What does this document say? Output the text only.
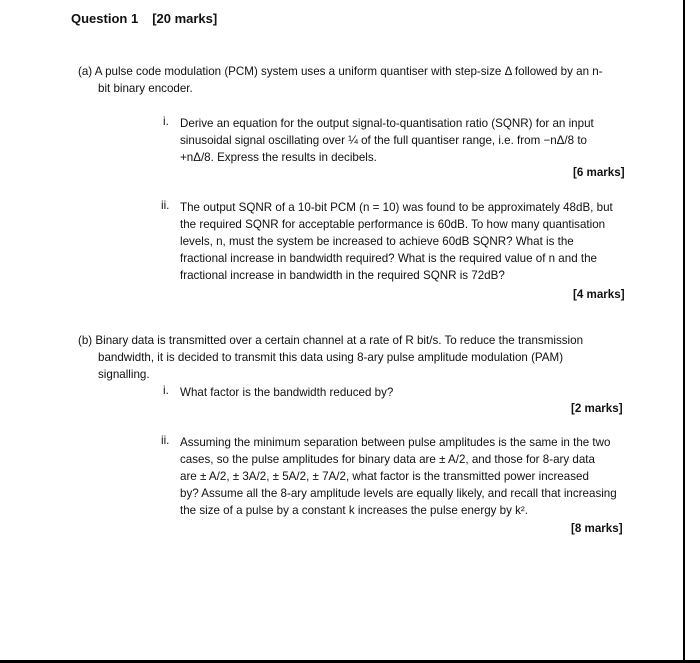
Question 1 [20 marks]

(a) A pulse code modulation (PCM) system uses a uniform quantiser with step-size Δ followed by an n-

bit binary encoder.

i. Derive an equation for the output signal-to-quantisation ratio (SQNR) for an input

sinusoidal signal oscillating over ¼ of the full quantiser range, i.e. from −nΔ/8 to

+nΔ/8. Express the results in decibels.

[6 marks]
ii. The output SQNR of a 10-bit PCM (n = 10) was found to be approximately 48dB, but

the required SQNR for acceptable performance is 60dB. To how many quantisation

levels, n, must the system be increased to achieve 60dB SQNR? What is the

fractional increase in bandwidth required? What is the required value of n and the

fractional increase in bandwidth in the required SQNR is 72dB?

[4 marks]

(b) Binary data is transmitted over a certain channel at a rate of R bit/s. To reduce the transmission

bandwidth, it is decided to transmit this data using 8-ary pulse amplitude modulation (PAM)

signalling.

i. What factor is the bandwidth reduced by?

[2 marks]
ii. Assuming the minimum separation between pulse amplitudes is the same in the two

cases, so the pulse amplitudes for binary data are ± A/2, and those for 8-ary data

are ± A/2, ± 3A/2, ± 5A/2, ± 7A/2, what factor is the transmitted power increased

by? Assume all the 8-ary amplitude levels are equally likely, and recall that increasing

the size of a pulse by a constant k increases the pulse energy by k².

[8 marks]
